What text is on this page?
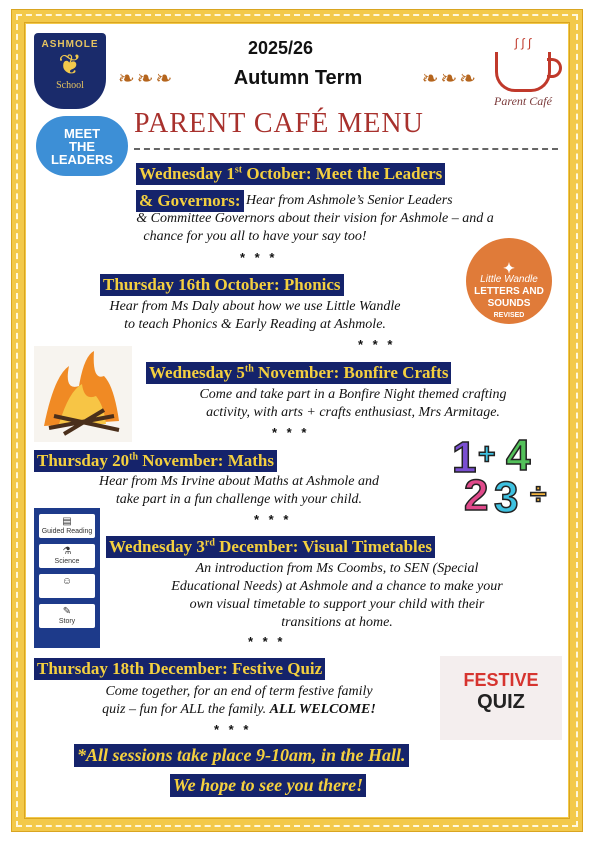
ASHMOLE
❦
School
2025/26
❧❧❧	Autumn Term	❧❧❧
∫ ∫ ∫
Parent Café
MEET
THE
LEADERS
PARENT CAFÉ MENU
Wednesday 1st October: Meet the Leaders
& Governors: Hear from Ashmole’s Senior Leaders
& Committee Governors about their vision for Ashmole – and a
chance for you all to have your say too!
* * *
Thursday 16th October: Phonics
Hear from Ms Daly about how we use Little Wandle
to teach Phonics & Early Reading at Ashmole.
* * *
✦
Little Wandle
LETTERS AND
SOUNDS
REVISED
Wednesday 5th November: Bonfire Crafts
Come and take part in a Bonfire Night themed crafting
activity, with arts + crafts enthusiast, Mrs Armitage.
* * *
Thursday 20th November: Maths
Hear from Ms Irvine about Maths at Ashmole and
take part in a fun challenge with your child.
* * *
1 + 4
2 3 ÷
▤
Guided Reading
⚗
Science
☺
✎
Story
Wednesday 3rd December: Visual Timetables
An introduction from Ms Coombs, to SEN (Special
Educational Needs) at Ashmole and a chance to make your
own visual timetable to support your child with their
transitions at home.
* * *
Thursday 18th December: Festive Quiz
Come together, for an end of term festive family
quiz – fun for ALL the family. ALL WELCOME!
* * *
FESTIVE
QUIZ
*All sessions take place 9-10am, in the Hall.
We hope to see you there!
